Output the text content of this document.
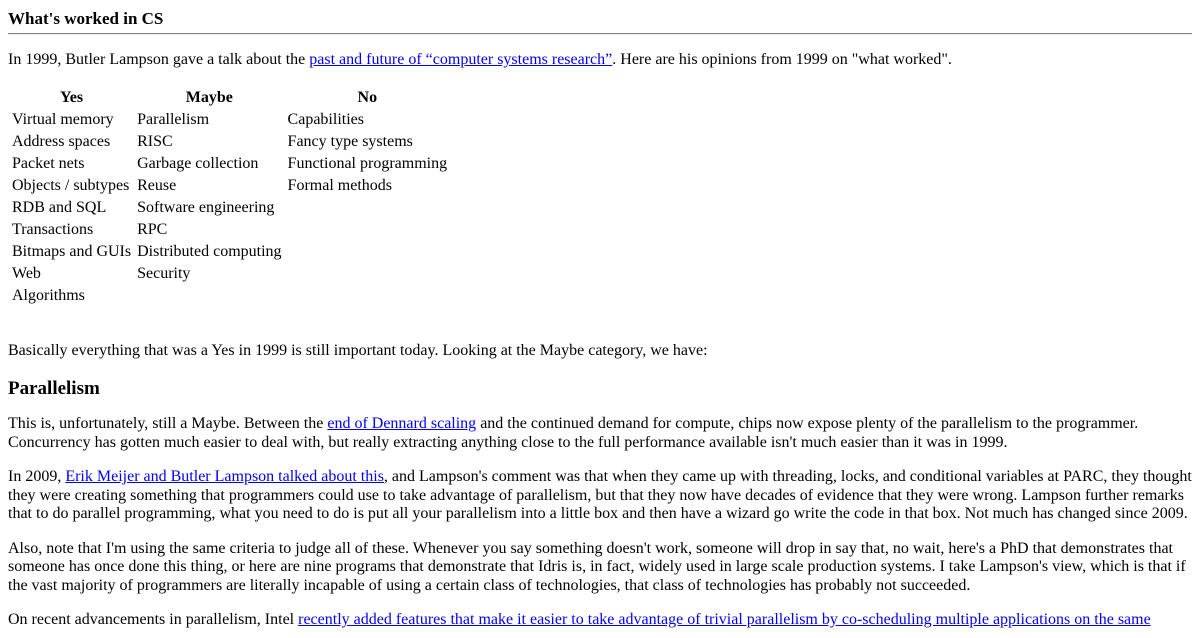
What's worked in CS

In 1999, Butler Lampson gave a talk about the past and future of “computer systems research”. Here are his opinions from 1999 on "what worked".

Yes	Maybe	No
Virtual memory	Parallelism	Capabilities
Address spaces	RISC	Fancy type systems
Packet nets	Garbage collection	Functional programming
Objects / subtypes	Reuse	Formal methods
RDB and SQL	Software engineering	
Transactions	RPC	
Bitmaps and GUIs	Distributed computing	
Web	Security	
Algorithms		

Basically everything that was a Yes in 1999 is still important today. Looking at the Maybe category, we have:

Parallelism

This is, unfortunately, still a Maybe. Between the end of Dennard scaling and the continued demand for compute, chips now expose plenty of the parallelism to the programmer. Concurrency has gotten much easier to deal with, but really extracting anything close to the full performance available isn't much easier than it was in 1999.

In 2009, Erik Meijer and Butler Lampson talked about this, and Lampson's comment was that when they came up with threading, locks, and conditional variables at PARC, they thought they were creating something that programmers could use to take advantage of parallelism, but that they now have decades of evidence that they were wrong. Lampson further remarks that to do parallel programming, what you need to do is put all your parallelism into a little box and then have a wizard go write the code in that box. Not much has changed since 2009.

Also, note that I'm using the same criteria to judge all of these. Whenever you say something doesn't work, someone will drop in say that, no wait, here's a PhD that demonstrates that someone has once done this thing, or here are nine programs that demonstrate that Idris is, in fact, widely used in large scale production systems. I take Lampson's view, which is that if the vast majority of programmers are literally incapable of using a certain class of technologies, that class of technologies has probably not succeeded.

On recent advancements in parallelism, Intel recently added features that make it easier to take advantage of trivial parallelism by co-scheduling multiple applications on the same
